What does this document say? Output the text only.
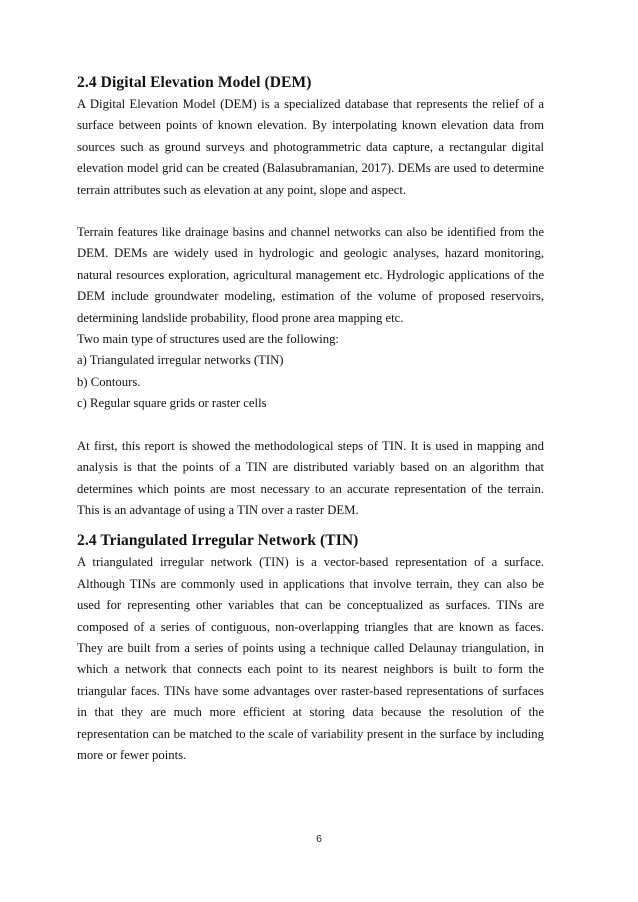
2.4 Digital Elevation Model (DEM)

A Digital Elevation Model (DEM) is a specialized database that represents the relief of a surface between points of known elevation. By interpolating known elevation data from sources such as ground surveys and photogrammetric data capture, a rectangular digital elevation model grid can be created (Balasubramanian, 2017). DEMs are used to determine terrain attributes such as elevation at any point, slope and aspect.

Terrain features like drainage basins and channel networks can also be identified from the DEM. DEMs are widely used in hydrologic and geologic analyses, hazard monitoring, natural resources exploration, agricultural management etc. Hydrologic applications of the DEM include groundwater modeling, estimation of the volume of proposed reservoirs, determining landslide probability, flood prone area mapping etc.

Two main type of structures used are the following:
a) Triangulated irregular networks (TIN)
b) Contours.
c) Regular square grids or raster cells

At first, this report is showed the methodological steps of TIN. It is used in mapping and analysis is that the points of a TIN are distributed variably based on an algorithm that determines which points are most necessary to an accurate representation of the terrain. This is an advantage of using a TIN over a raster DEM.

2.4 Triangulated Irregular Network (TIN)

A triangulated irregular network (TIN) is a vector-based representation of a surface. Although TINs are commonly used in applications that involve terrain, they can also be used for representing other variables that can be conceptualized as surfaces. TINs are composed of a series of contiguous, non-overlapping triangles that are known as faces. They are built from a series of points using a technique called Delaunay triangulation, in which a network that connects each point to its nearest neighbors is built to form the triangular faces. TINs have some advantages over raster-based representations of surfaces in that they are much more efficient at storing data because the resolution of the representation can be matched to the scale of variability present in the surface by including more or fewer points.

6
